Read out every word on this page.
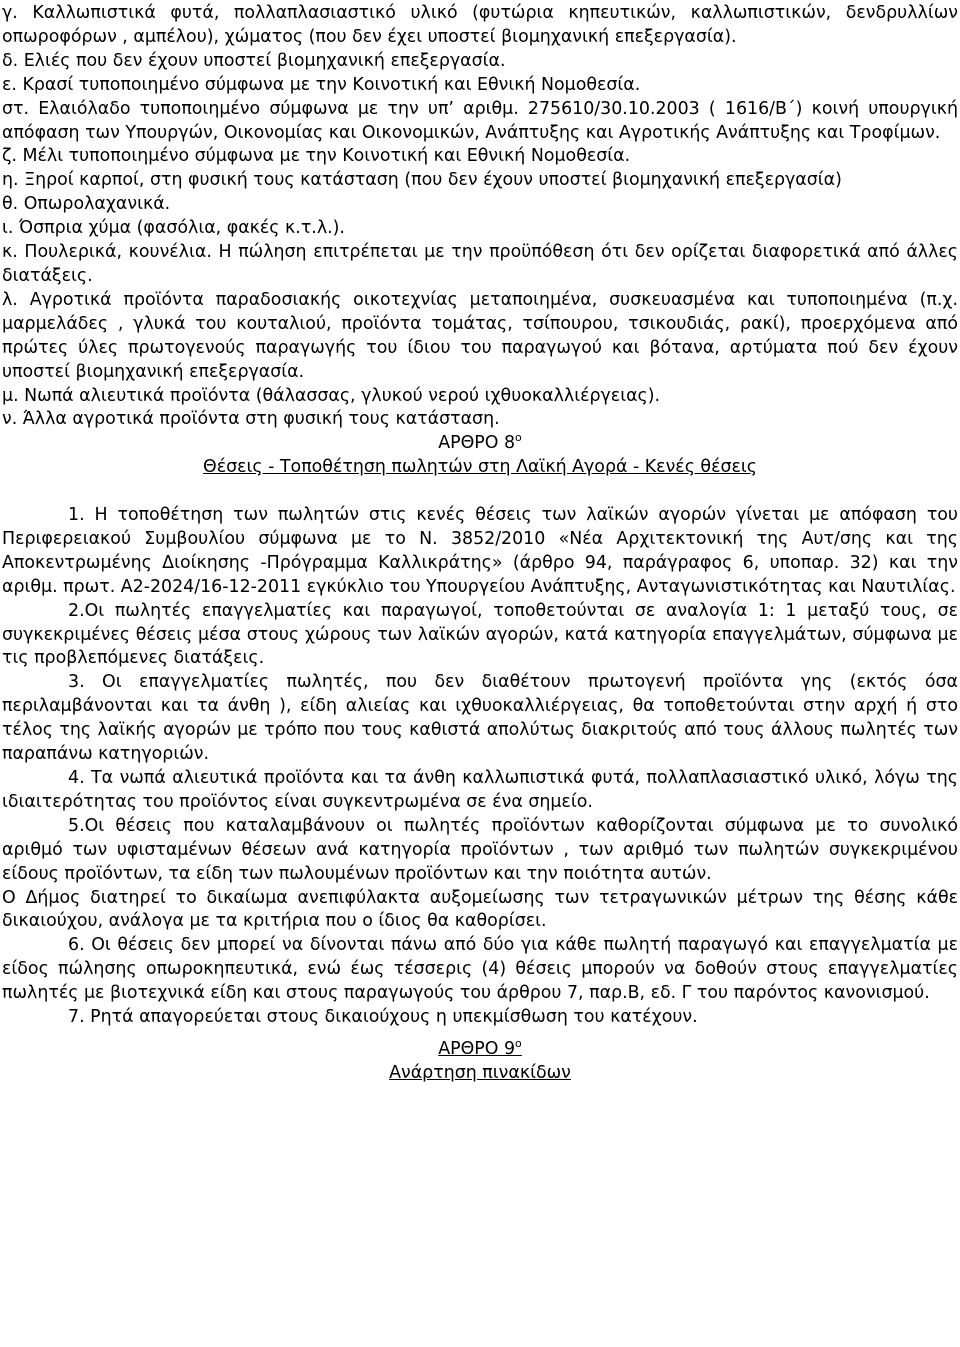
γ. Καλλωπιστικά φυτά, πολλαπλασιαστικό υλικό (φυτώρια κηπευτικών, καλλωπιστικών, δενδρυλλίων οπωροφόρων , αμπέλου), χώματος (που δεν έχει υποστεί βιομηχανική επεξεργασία).

δ. Ελιές που δεν έχουν υποστεί βιομηχανική επεξεργασία.

ε. Κρασί τυποποιημένο σύμφωνα με την Κοινοτική και Εθνική Νομοθεσία.

στ. Ελαιόλαδο τυποποιημένο σύμφωνα με την υπ’ αριθμ. 275610/30.10.2003 ( 1616/Β΄) κοινή υπουργική απόφαση των Υπουργών, Οικονομίας και Οικονομικών, Ανάπτυξης και Αγροτικής Ανάπτυξης και Τροφίμων.

ζ. Μέλι τυποποιημένο σύμφωνα με την Κοινοτική και Εθνική Νομοθεσία.

η. Ξηροί καρποί, στη φυσική τους κατάσταση (που δεν έχουν υποστεί βιομηχανική επεξεργασία)

θ. Οπωρολαχανικά.

ι. Όσπρια χύμα (φασόλια, φακές κ.τ.λ.).

κ. Πουλερικά, κουνέλια. Η πώληση επιτρέπεται με την προϋπόθεση ότι δεν ορίζεται διαφορετικά από άλλες διατάξεις.

λ. Αγροτικά προϊόντα παραδοσιακής οικοτεχνίας μεταποιημένα, συσκευασμένα και τυποποιημένα (π.χ. μαρμελάδες , γλυκά του κουταλιού, προϊόντα τομάτας, τσίπουρου, τσικουδιάς, ρακί), προερχόμενα από πρώτες ύλες πρωτογενούς παραγωγής του ίδιου του παραγωγού και βότανα, αρτύματα πού δεν έχουν υποστεί βιομηχανική επεξεργασία.

μ. Νωπά αλιευτικά προϊόντα (θάλασσας, γλυκού νερού ιχθυοκαλλιέργειας).

ν. Άλλα αγροτικά προϊόντα στη φυσική τους κατάσταση.

ΑΡΘΡΟ $8^o$

Θέσεις - Τοποθέτηση πωλητών στη Λαϊκή Αγορά - Κενές θέσεις

1. Η τοποθέτηση των πωλητών στις κενές θέσεις των λαϊκών αγορών γίνεται με απόφαση του Περιφερειακού Συμβουλίου σύμφωνα με το Ν. 3852/2010 «Νέα Αρχιτεκτονική της Αυτ/σης και της Αποκεντρωμένης Διοίκησης -Πρόγραμμα Καλλικράτης» (άρθρο 94, παράγραφος 6, υποπαρ. 32) και την αριθμ. πρωτ. Α2-2024/16-12-2011 εγκύκλιο του Υπουργείου Ανάπτυξης, Ανταγωνιστικότητας και Ναυτιλίας.

2.Οι πωλητές επαγγελματίες και παραγωγοί, τοποθετούνται σε αναλογία 1: 1 μεταξύ τους, σε συγκεκριμένες θέσεις μέσα στους χώρους των λαϊκών αγορών, κατά κατηγορία επαγγελμάτων, σύμφωνα με τις προβλεπόμενες διατάξεις.

3. Οι επαγγελματίες πωλητές, που δεν διαθέτουν πρωτογενή προϊόντα γης (εκτός όσα περιλαμβάνονται και τα άνθη ), είδη αλιείας και ιχθυοκαλλιέργειας, θα τοποθετούνται στην αρχή ή στο τέλος της λαϊκής αγορών με τρόπο που τους καθιστά απολύτως διακριτούς από τους άλλους πωλητές των παραπάνω κατηγοριών.

4. Τα νωπά αλιευτικά προϊόντα και τα άνθη καλλωπιστικά φυτά, πολλαπλασιαστικό υλικό, λόγω της ιδιαιτερότητας του προϊόντος είναι συγκεντρωμένα σε ένα σημείο.

5.Οι θέσεις που καταλαμβάνουν οι πωλητές προϊόντων καθορίζονται σύμφωνα με το συνολικό αριθμό των υφισταμένων θέσεων ανά κατηγορία προϊόντων , των αριθμό των πωλητών συγκεκριμένου είδους προϊόντων, τα είδη των πωλουμένων προϊόντων και την ποιότητα αυτών.

Ο Δήμος διατηρεί το δικαίωμα ανεπιφύλακτα αυξομείωσης των τετραγωνικών μέτρων της θέσης κάθε δικαιούχου, ανάλογα με τα κριτήρια που ο ίδιος θα καθορίσει.

6. Οι θέσεις δεν μπορεί να δίνονται πάνω από δύο για κάθε πωλητή παραγωγό και επαγγελματία με είδος πώλησης οπωροκηπευτικά, ενώ έως τέσσερις (4) θέσεις μπορούν να δοθούν στους επαγγελματίες πωλητές με βιοτεχνικά είδη και στους παραγωγούς του άρθρου 7, παρ.Β, εδ. Γ του παρόντος κανονισμού.

7. Ρητά απαγορεύεται στους δικαιούχους η υπεκμίσθωση του κατέχουν.

ΑΡΘΡΟ $9^o$

Ανάρτηση πινακίδων
